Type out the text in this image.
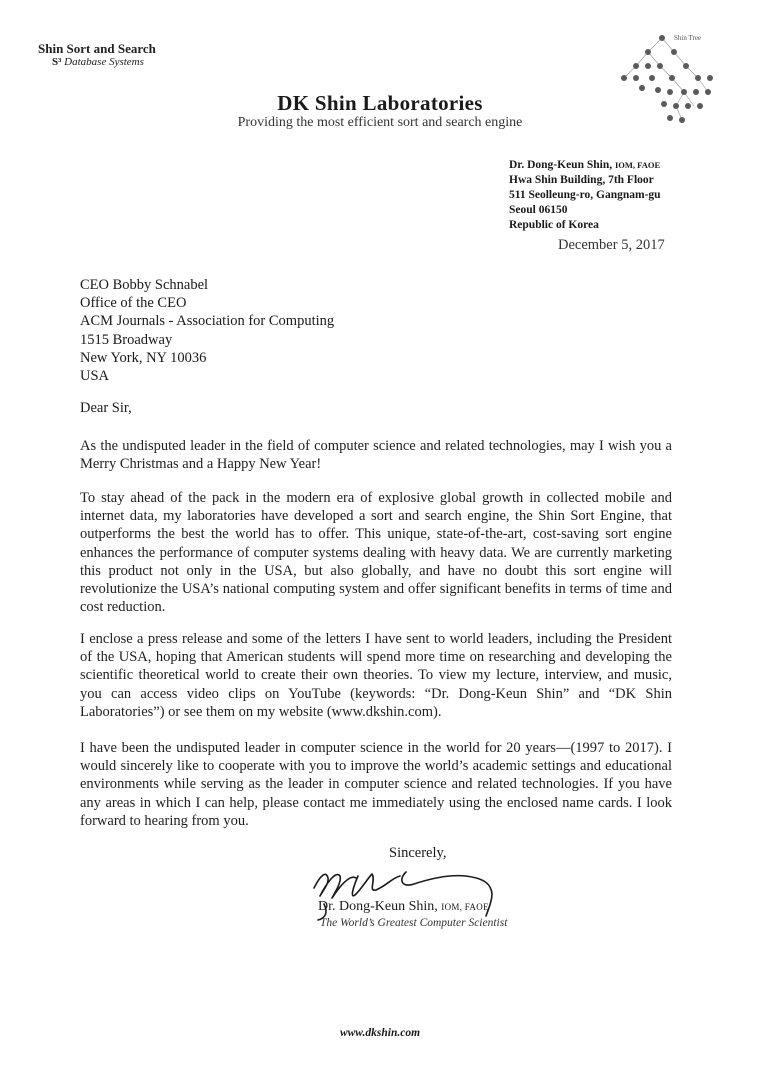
Shin Sort and Search
S³ Database Systems
DK Shin Laboratories
Providing the most efficient sort and search engine
Shin Tree
Dr. Dong-Keun Shin, IOM, FAOE
Hwa Shin Building, 7th Floor
511 Seolleung-ro, Gangnam-gu
Seoul 06150
Republic of Korea
December 5, 2017
CEO Bobby Schnabel
Office of the CEO
ACM Journals - Association for Computing
1515 Broadway
New York, NY 10036
USA
Dear Sir,
As the undisputed leader in the field of computer science and related technologies, may I wish you a Merry Christmas and a Happy New Year!
To stay ahead of the pack in the modern era of explosive global growth in collected mobile and internet data, my laboratories have developed a sort and search engine, the Shin Sort Engine, that outperforms the best the world has to offer. This unique, state-of-the-art, cost-saving sort engine enhances the performance of computer systems dealing with heavy data. We are currently marketing this product not only in the USA, but also globally, and have no doubt this sort engine will revolutionize the USA’s national computing system and offer significant benefits in terms of time and cost reduction.
I enclose a press release and some of the letters I have sent to world leaders, including the President of the USA, hoping that American students will spend more time on researching and developing the scientific theoretical world to create their own theories. To view my lecture, interview, and music, you can access video clips on YouTube (keywords: “Dr. Dong-Keun Shin” and “DK Shin Laboratories”) or see them on my website (www.dkshin.com).
I have been the undisputed leader in computer science in the world for 20 years—(1997 to 2017). I would sincerely like to cooperate with you to improve the world’s academic settings and educational environments while serving as the leader in computer science and related technologies. If you have any areas in which I can help, please contact me immediately using the enclosed name cards. I look forward to hearing from you.
Sincerely,
Dr. Dong-Keun Shin, IOM, FAOE
The World’s Greatest Computer Scientist
www.dkshin.com
